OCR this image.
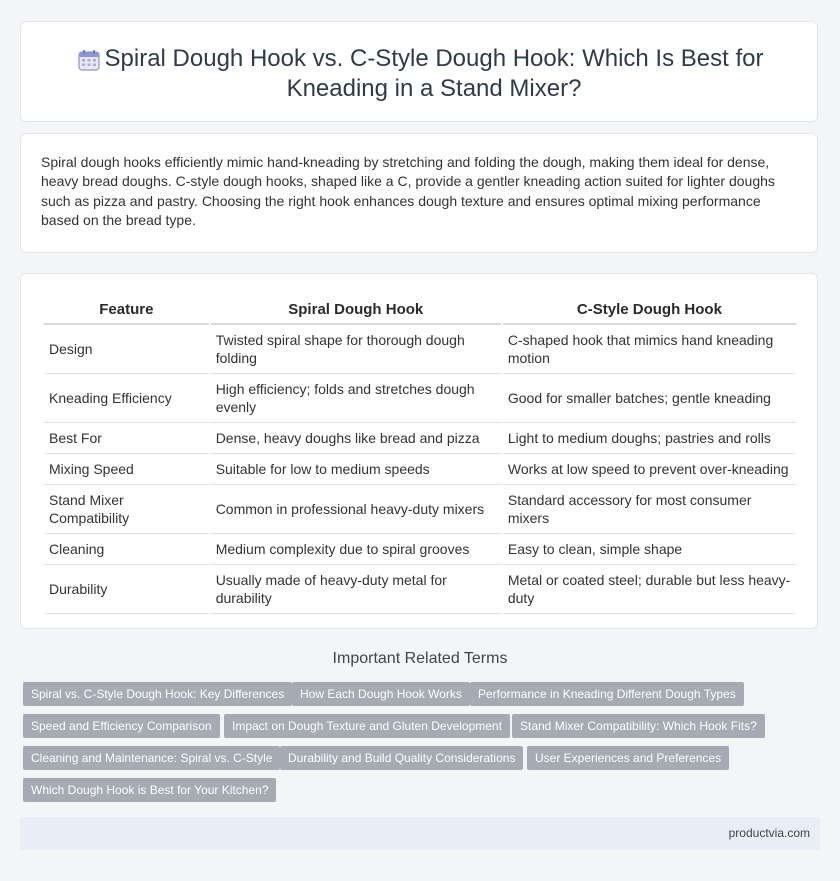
Spiral Dough Hook vs. C-Style Dough Hook: Which Is Best for Kneading in a Stand Mixer?
Spiral dough hooks efficiently mimic hand-kneading by stretching and folding the dough, making them ideal for dense, heavy bread doughs. C-style dough hooks, shaped like a C, provide a gentler kneading action suited for lighter doughs such as pizza and pastry. Choosing the right hook enhances dough texture and ensures optimal mixing performance based on the bread type.
Feature	Spiral Dough Hook	C-Style Dough Hook
Design	Twisted spiral shape for thorough dough folding	C-shaped hook that mimics hand kneading motion
Kneading Efficiency	High efficiency; folds and stretches dough evenly	Good for smaller batches; gentle kneading
Best For	Dense, heavy doughs like bread and pizza	Light to medium doughs; pastries and rolls
Mixing Speed	Suitable for low to medium speeds	Works at low speed to prevent over-kneading
Stand Mixer Compatibility	Common in professional heavy-duty mixers	Standard accessory for most consumer mixers
Cleaning	Medium complexity due to spiral grooves	Easy to clean, simple shape
Durability	Usually made of heavy-duty metal for durability	Metal or coated steel; durable but less heavy-duty
Important Related Terms
Spiral vs. C-Style Dough Hook: Key Differences	How Each Dough Hook Works	Performance in Kneading Different Dough Types
Speed and Efficiency Comparison	Impact on Dough Texture and Gluten Development	Stand Mixer Compatibility: Which Hook Fits?
Cleaning and Maintenance: Spiral vs. C-Style	Durability and Build Quality Considerations	User Experiences and Preferences
Which Dough Hook is Best for Your Kitchen?
productvia.com
